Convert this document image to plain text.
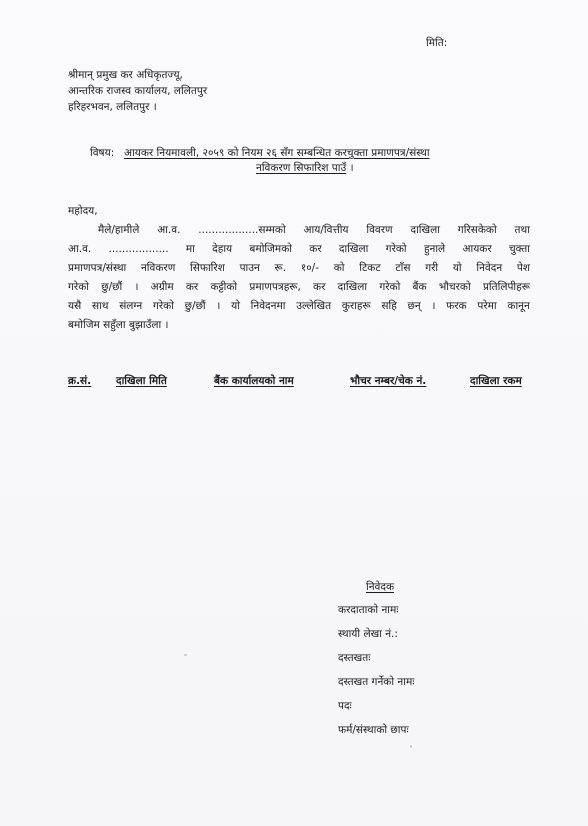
मिति:
श्रीमान् प्रमुख कर अधिकृतज्यू,
आन्तरिक राजस्व कार्यालय, ललितपुर
हरिहरभवन, ललितपुर ।
विषय: आयकर नियमावली, २०५९ को नियम २६ सँग सम्बन्धित करचुक्ता प्रमाणपत्र/संस्था
नविकरण सिफारिश पाउँ ।
महोदय,
मैले/हामीले आ.व. ..................सम्मको आय/वित्तीय विवरण दाखिला गरिसकेको तथा
आ.व. .................. मा देहाय बमोजिमको कर दाखिला गरेको हुनाले आयकर चुक्ता
प्रमाणपत्र/संस्था नविकरण सिफारिश पाउन रू. १०/- को टिकट टाँस गरी यो निवेदन पेश
गरेको छु/छौं । अग्रीम कर कट्टीको प्रमाणपत्रहरू, कर दाखिला गरेको बैंक भौचरको प्रतिलिपीहरू
यसै साथ संलग्न गरेको छु/छौं । यो निवेदनमा उल्लेखित कुराहरू सहि छन् । फरक परेमा कानून
बमोजिम सहुँला बुझाउँला ।
क्र.सं. दाखिला मिति	बैंक कार्यालयको नाम	भौचर नम्बर/चेक नं.	दाखिला रकम
निवेदक
करदाताको नामः
स्थायी लेखा नं.:
दस्तखतः
दस्तखत गर्नेको नामः
पदः
फर्म/संस्थाको छापः
